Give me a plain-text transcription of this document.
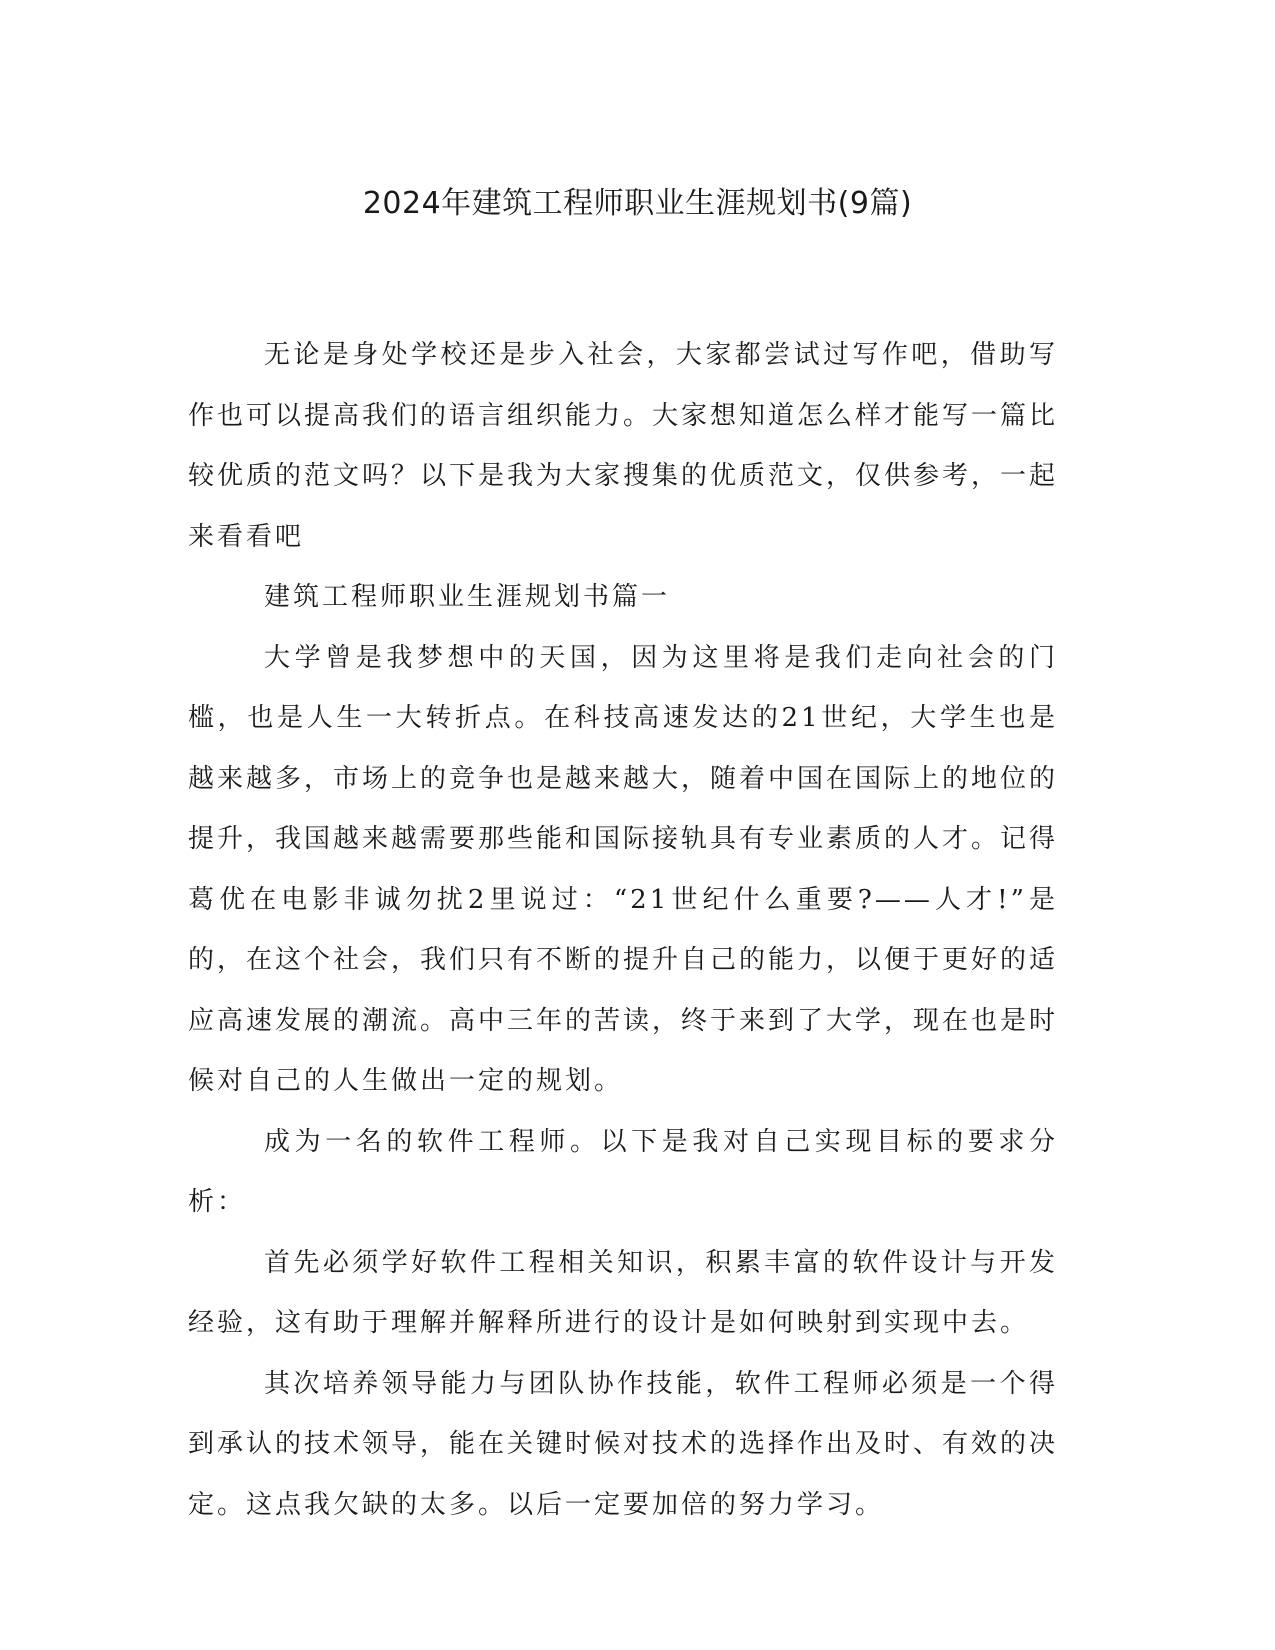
2024年建筑工程师职业生涯规划书(9篇)

无论是身处学校还是步入社会，大家都尝试过写作吧，借助写作也可以提高我们的语言组织能力。大家想知道怎么样才能写一篇比较优质的范文吗？以下是我为大家搜集的优质范文，仅供参考，一起来看看吧

建筑工程师职业生涯规划书篇一

大学曾是我梦想中的天国，因为这里将是我们走向社会的门槛，也是人生一大转折点。在科技高速发达的21世纪，大学生也是越来越多，市场上的竞争也是越来越大，随着中国在国际上的地位的提升，我国越来越需要那些能和国际接轨具有专业素质的人才。记得葛优在电影非诚勿扰2里说过：“21世纪什么重要?——人才!”是的，在这个社会，我们只有不断的提升自己的能力，以便于更好的适应高速发展的潮流。高中三年的苦读，终于来到了大学，现在也是时候对自己的人生做出一定的规划。

成为一名的软件工程师。以下是我对自己实现目标的要求分析：

首先必须学好软件工程相关知识，积累丰富的软件设计与开发经验，这有助于理解并解释所进行的设计是如何映射到实现中去。

其次培养领导能力与团队协作技能，软件工程师必须是一个得到承认的技术领导，能在关键时候对技术的选择作出及时、有效的决定。这点我欠缺的太多。以后一定要加倍的努力学习。
